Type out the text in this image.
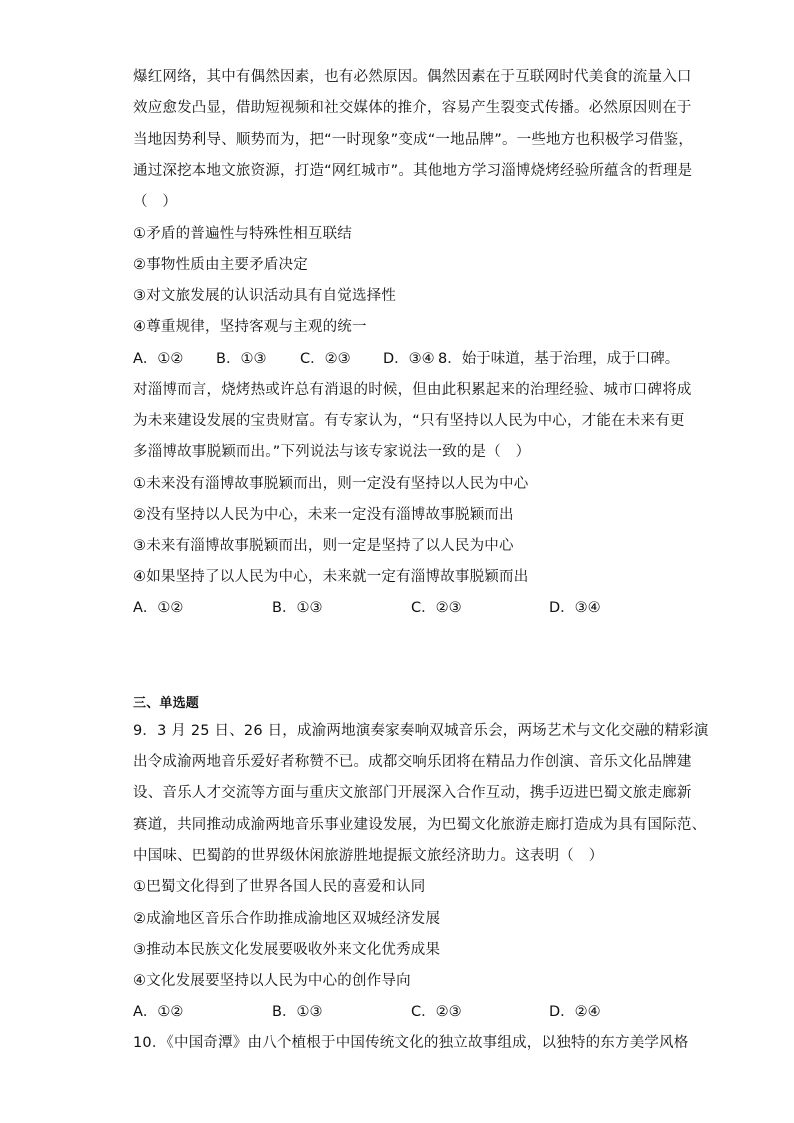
爆红网络，其中有偶然因素，也有必然原因。偶然因素在于互联网时代美食的流量入口
效应愈发凸显，借助短视频和社交媒体的推介，容易产生裂变式传播。必然原因则在于
当地因势利导、顺势而为，把“一时现象”变成“一地品牌”。一些地方也积极学习借鉴，
通过深挖本地文旅资源，打造“网红城市”。其他地方学习淄博烧烤经验所蕴含的哲理是
（　）
①矛盾的普遍性与特殊性相互联结
②事物性质由主要矛盾决定
③对文旅发展的认识活动具有自觉选择性
④尊重规律，坚持客观与主观的统一
A．①② B．①③ C．②③ D．③④ 8．始于味道，基于治理，成于口碑。
对淄博而言，烧烤热或许总有消退的时候，但由此积累起来的治理经验、城市口碑将成
为未来建设发展的宝贵财富。有专家认为，“只有坚持以人民为中心，才能在未来有更
多淄博故事脱颖而出。”下列说法与该专家说法一致的是（　）
①未来没有淄博故事脱颖而出，则一定没有坚持以人民为中心
②没有坚持以人民为中心，未来一定没有淄博故事脱颖而出
③未来有淄博故事脱颖而出，则一定是坚持了以人民为中心
④如果坚持了以人民为中心，未来就一定有淄博故事脱颖而出
A．①②	B．①③	C．②③	D．③④
三、单选题
9．3 月 25 日、26 日，成渝两地演奏家奏响双城音乐会，两场艺术与文化交融的精彩演
出令成渝两地音乐爱好者称赞不已。成都交响乐团将在精品力作创演、音乐文化品牌建
设、音乐人才交流等方面与重庆文旅部门开展深入合作互动，携手迈进巴蜀文旅走廊新
赛道，共同推动成渝两地音乐事业建设发展，为巴蜀文化旅游走廊打造成为具有国际范、
中国味、巴蜀韵的世界级休闲旅游胜地提振文旅经济助力。这表明（　）
①巴蜀文化得到了世界各国人民的喜爱和认同
②成渝地区音乐合作助推成渝地区双城经济发展
③推动本民族文化发展要吸收外来文化优秀成果
④文化发展要坚持以人民为中心的创作导向
A．①②	B．①③	C．②③	D．②④
10．《中国奇潭》由八个植根于中国传统文化的独立故事组成，以独特的东方美学风格
